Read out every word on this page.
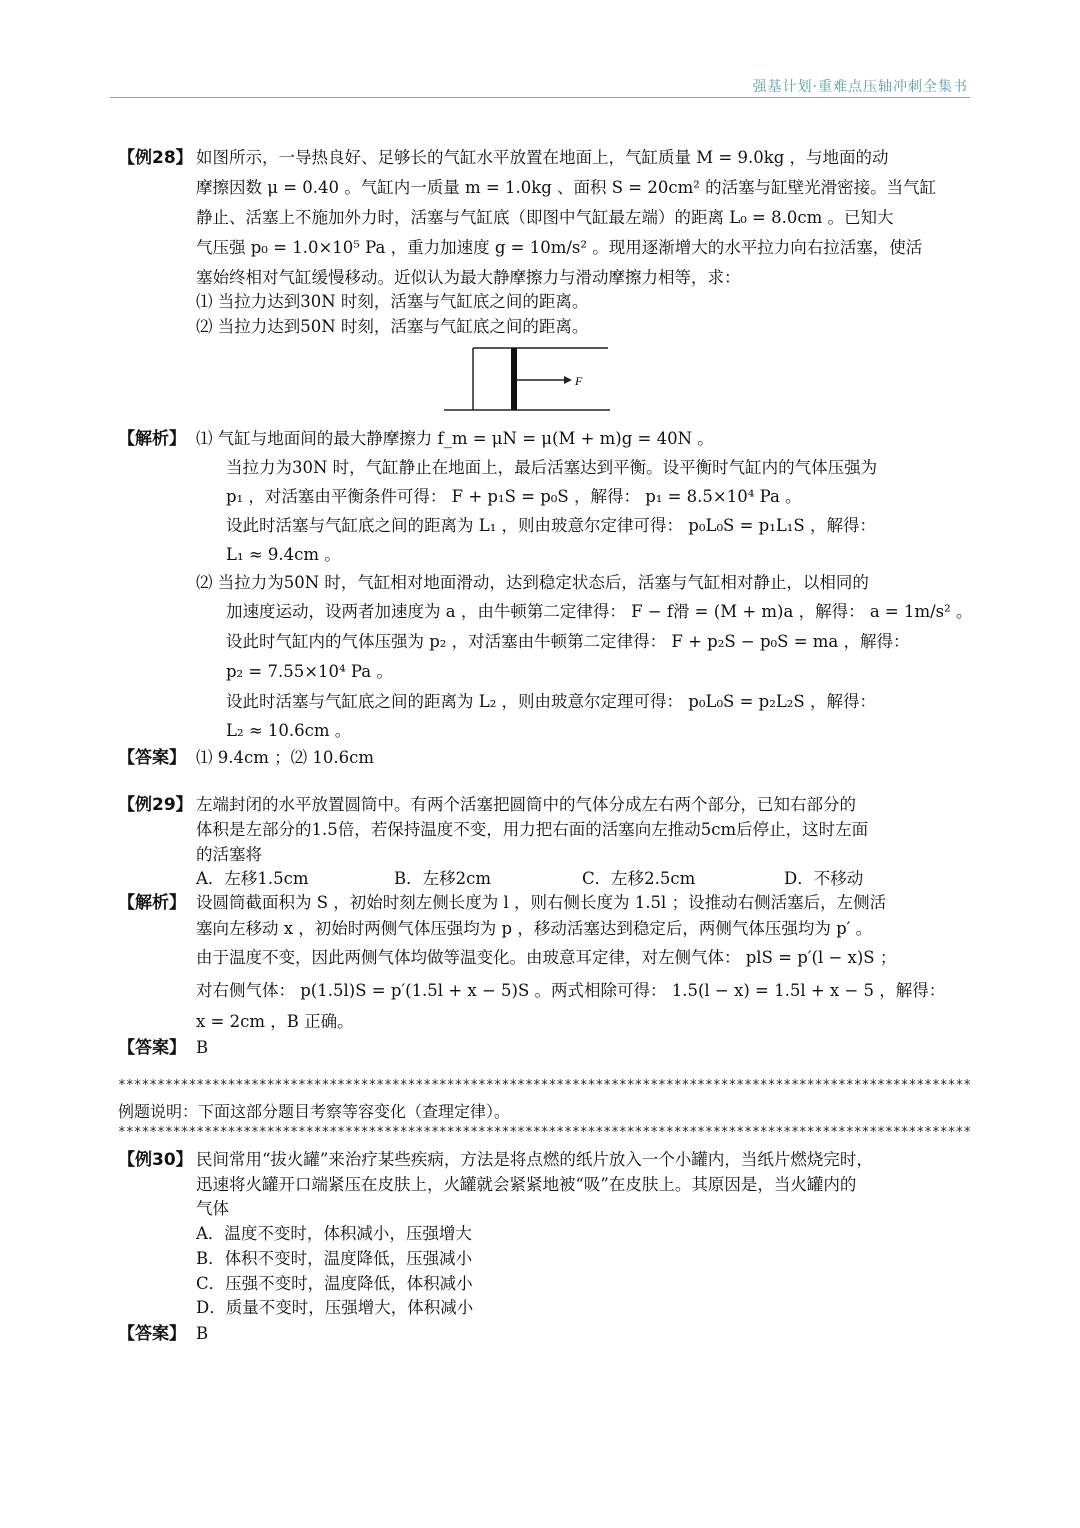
强基计划·重难点压轴冲刺全集书
【例28】 如图所示，一导热良好、足够长的气缸水平放置在地面上，气缸质量 M = 9.0kg ，与地面的动
摩擦因数 μ = 0.40 。气缸内一质量 m = 1.0kg 、面积 S = 20cm² 的活塞与缸壁光滑密接。当气缸
静止、活塞上不施加外力时，活塞与气缸底（即图中气缸最左端）的距离 L₀ = 8.0cm 。已知大
气压强 p₀ = 1.0×10⁵ Pa ，重力加速度 g = 10m/s² 。现用逐渐增大的水平拉力向右拉活塞，使活
塞始终相对气缸缓慢移动。近似认为最大静摩擦力与滑动摩擦力相等，求：
⑴ 当拉力达到30N 时刻，活塞与气缸底之间的距离。
⑵ 当拉力达到50N 时刻，活塞与气缸底之间的距离。
F
【解析】 ⑴ 气缸与地面间的最大静摩擦力 f_m = μN = μ(M + m)g = 40N 。
当拉力为30N 时，气缸静止在地面上，最后活塞达到平衡。设平衡时气缸内的气体压强为
p₁ ，对活塞由平衡条件可得： F + p₁S = p₀S ，解得： p₁ = 8.5×10⁴ Pa 。
设此时活塞与气缸底之间的距离为 L₁ ，则由玻意尔定律可得： p₀L₀S = p₁L₁S ，解得：
L₁ ≈ 9.4cm 。
⑵ 当拉力为50N 时，气缸相对地面滑动，达到稳定状态后，活塞与气缸相对静止，以相同的
加速度运动，设两者加速度为 a ，由牛顿第二定律得： F − f滑 = (M + m)a ，解得： a = 1m/s² 。
设此时气缸内的气体压强为 p₂ ，对活塞由牛顿第二定律得： F + p₂S − p₀S = ma ，解得：
p₂ = 7.55×10⁴ Pa 。
设此时活塞与气缸底之间的距离为 L₂ ，则由玻意尔定理可得： p₀L₀S = p₂L₂S ，解得：
L₂ ≈ 10.6cm 。
【答案】 ⑴ 9.4cm ；⑵ 10.6cm
【例29】 左端封闭的水平放置圆筒中。有两个活塞把圆筒中的气体分成左右两个部分，已知右部分的
体积是左部分的1.5倍，若保持温度不变，用力把右面的活塞向左推动5cm后停止，这时左面
的活塞将
A．左移1.5cm	B．左移2cm	C．左移2.5cm	D．不移动
【解析】 设圆筒截面积为 S ，初始时刻左侧长度为 l ，则右侧长度为 1.5l ；设推动右侧活塞后，左侧活
塞向左移动 x ，初始时两侧气体压强均为 p ，移动活塞达到稳定后，两侧气体压强均为 p′ 。
由于温度不变，因此两侧气体均做等温变化。由玻意耳定律，对左侧气体： plS = p′(l − x)S ；
对右侧气体： p(1.5l)S = p′(1.5l + x − 5)S 。两式相除可得： 1.5(l − x) = 1.5l + x − 5 ，解得：
x = 2cm ，B 正确。
【答案】 B
*************************************************************************************************************
例题说明：下面这部分题目考察等容变化（查理定律）。
*************************************************************************************************************
【例30】 民间常用“拔火罐”来治疗某些疾病，方法是将点燃的纸片放入一个小罐内，当纸片燃烧完时，
迅速将火罐开口端紧压在皮肤上，火罐就会紧紧地被“吸”在皮肤上。其原因是，当火罐内的
气体
A．温度不变时，体积减小，压强增大
B．体积不变时，温度降低，压强减小
C．压强不变时，温度降低，体积减小
D．质量不变时，压强增大，体积减小
【答案】 B
